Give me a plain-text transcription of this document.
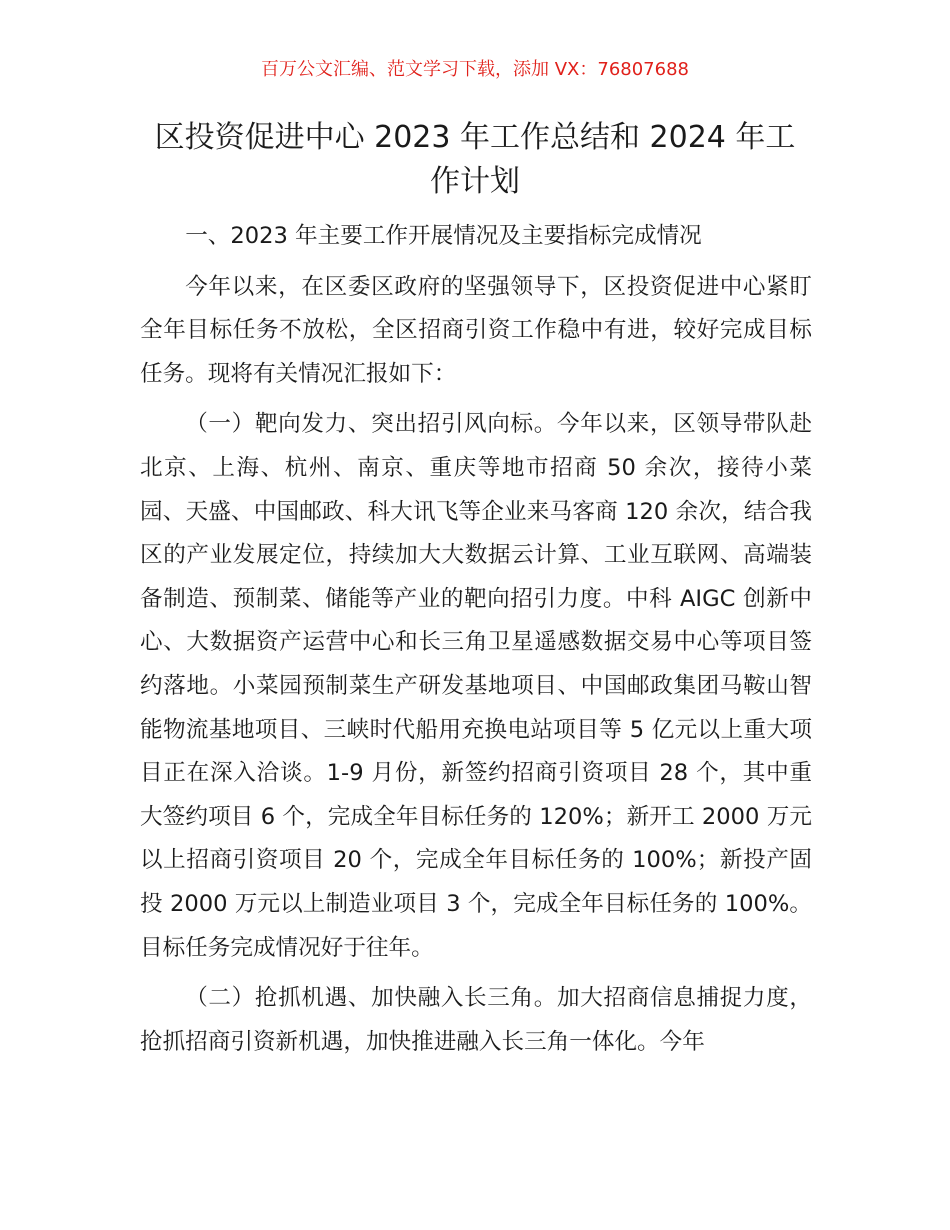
百万公文汇编、范文学习下载，添加 VX：76807688
区投资促进中心 2023 年工作总结和 2024 年工作计划

一、2023 年主要工作开展情况及主要指标完成情况

今年以来，在区委区政府的坚强领导下，区投资促进中心紧盯全年目标任务不放松，全区招商引资工作稳中有进，较好完成目标任务。现将有关情况汇报如下：

（一）靶向发力、突出招引风向标。今年以来，区领导带队赴北京、上海、杭州、南京、重庆等地市招商 50 余次，接待小菜园、天盛、中国邮政、科大讯飞等企业来马客商 120 余次，结合我区的产业发展定位，持续加大大数据云计算、工业互联网、高端装备制造、预制菜、储能等产业的靶向招引力度。中科 AIGC 创新中心、大数据资产运营中心和长三角卫星遥感数据交易中心等项目签约落地。小菜园预制菜生产研发基地项目、中国邮政集团马鞍山智能物流基地项目、三峡时代船用充换电站项目等 5 亿元以上重大项目正在深入洽谈。1-9 月份，新签约招商引资项目 28 个，其中重大签约项目 6 个，完成全年目标任务的 120%；新开工 2000 万元以上招商引资项目 20 个，完成全年目标任务的 100%；新投产固投 2000 万元以上制造业项目 3 个，完成全年目标任务的 100%。目标任务完成情况好于往年。

（二）抢抓机遇、加快融入长三角。加大招商信息捕捉力度，抢抓招商引资新机遇，加快推进融入长三角一体化。今年
